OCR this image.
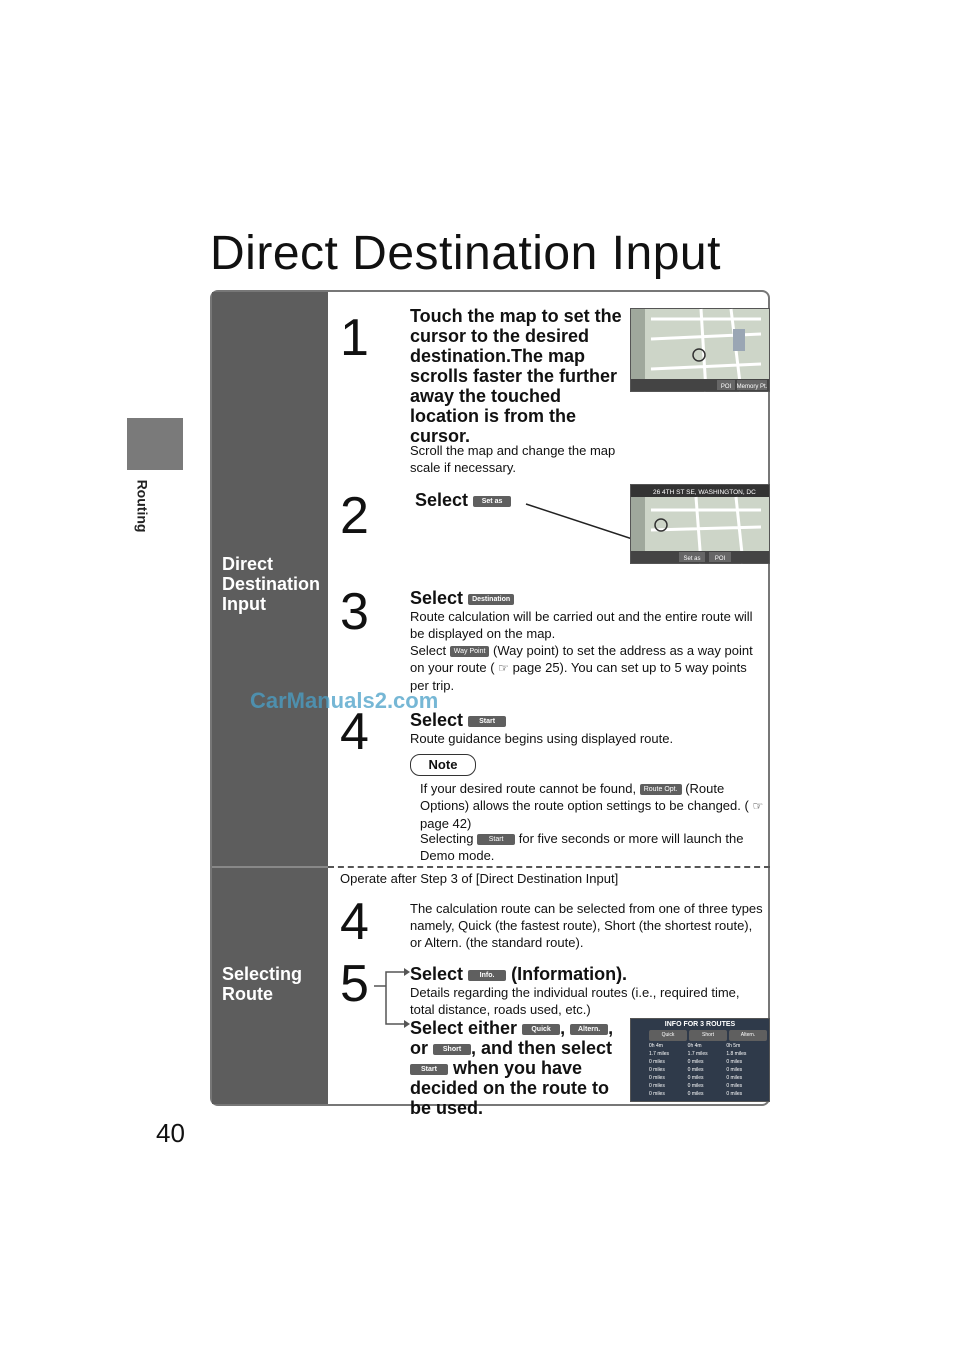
Routing
40
Direct Destination Input
Direct Destination Input
Selecting Route
1 Touch the map to set the cursor to the desired destination.The map scrolls faster the further away the touched location is from the cursor.
Scroll the map and change the map scale if necessary.
POI Memory Pt.
2	Select Set as
26 4TH ST SE, WASHINGTON, DC
Set as POI
3 Select Destination
Route calculation will be carried out and the entire route will be displayed on the map.
Select Way Point (Way point) to set the address as a way point on your route ( ☞ page 25). You can set up to 5 way points per trip.
4 Select Start
Route guidance begins using displayed route.
Note
If your desired route cannot be found, Route Opt. (Route Options) allows the route option settings to be changed. ( ☞ page 42)
Selecting Start for five seconds or more will launch the Demo mode.
Operate after Step 3 of [Direct Destination Input]
4	The calculation route can be selected from one of three types namely, Quick (the fastest route), Short (the shortest route), or Altern. (the standard route).
5 Select Info. (Information).
Details regarding the individual routes (i.e., required time, total distance, roads used, etc.)
Select either Quick , Altern. , or Short , and then select Start when you have decided on the route to be used.
INFO FOR 3 ROUTES
Quick	Short	Altern.
0h 4m	0h 4m	0h 5m
1.7 miles	1.7 miles	1.8 miles
0 miles	0 miles	0 miles
0 miles	0 miles	0 miles
0 miles	0 miles	0 miles
0 miles	0 miles	0 miles
0 miles	0 miles	0 miles
CarManuals2.com
